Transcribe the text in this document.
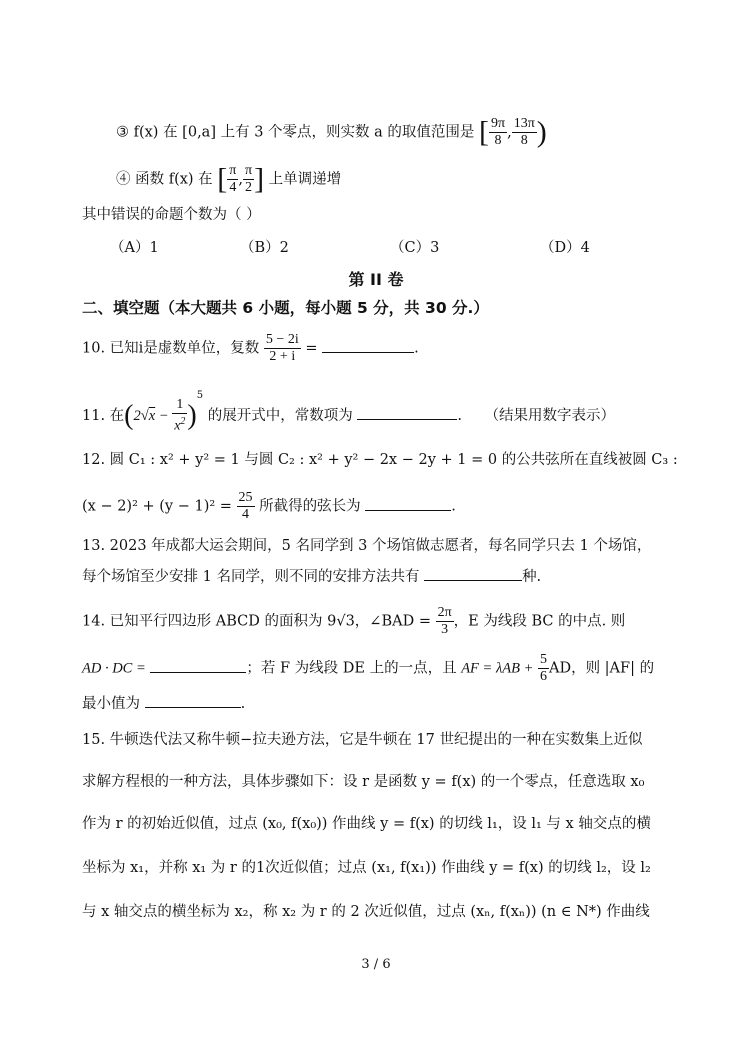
③ f(x) 在 [0,a] 上有 3 个零点，则实数 a 的取值范围是 [ $\frac{9\pi}{8}$ , $\frac{13\pi}{8}$ )
④ 函数 f(x) 在 [ $\frac{\pi}{4}$ , $\frac{\pi}{2}$ ] 上单调递增
其中错误的命题个数为（ ）
（A）1	（B）2	（C）3	（D）4
第 II 卷
二、填空题（本大题共 6 小题，每小题 5 分，共 30 分.）
10. 已知i是虚数单位，复数 $\frac{5 - 2i}{2 + i}$ =	.
11. 在$(2√x - \frac{1}{x^2} )^5$ 的展开式中，常数项为	. （结果用数字表示）
12. 圆 C₁ : x² + y² = 1 与圆 C₂ : x² + y² − 2x − 2y + 1 = 0 的公共弦所在直线被圆 C₃ :
$(x - 2)^2 + (y - 1)^2 = \frac{25}{4}$ 所截得的弦长为	.
13. 2023 年成都大运会期间，5 名同学到 3 个场馆做志愿者，每名同学只去 1 个场馆，
每个场馆至少安排 1 名同学，则不同的安排方法共有	种.
14. 已知平行四边形 ABCD 的面积为 9√3，∠BAD = $\frac{2\pi}{3}$ ，E 为线段 BC 的中点. 则
AD · DC =	；若 F 为线段 DE 上的一点，且 AF = $\lambda AB + \frac{5}{6}$ AD，则 |AF| 的
最小值为	.
15. 牛顿迭代法又称牛顿−拉夫逊方法，它是牛顿在 17 世纪提出的一种在实数集上近似
求解方程根的一种方法，具体步骤如下：设 r 是函数 y = f(x) 的一个零点，任意选取 x₀
作为 r 的初始近似值，过点 (x₀, f(x₀)) 作曲线 y = f(x) 的切线 l₁，设 l₁ 与 x 轴交点的横
坐标为 x₁，并称 x₁ 为 r 的1次近似值；过点 (x₁, f(x₁)) 作曲线 y = f(x) 的切线 l₂，设 l₂
与 x 轴交点的横坐标为 x₂，称 x₂ 为 r 的 2 次近似值，过点 (xₙ, f(xₙ)) (n ∈ N*) 作曲线
3 / 6
